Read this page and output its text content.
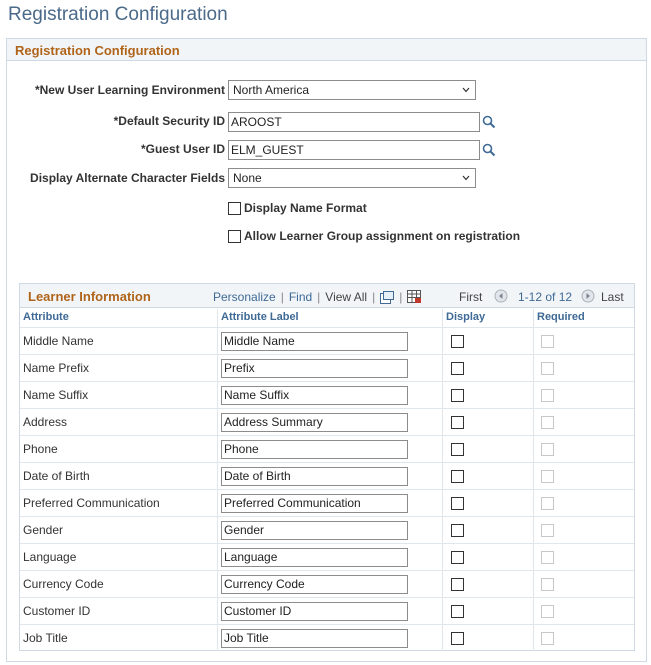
Registration Configuration
Registration Configuration
*New User Learning Environment North America
*Default Security ID AROOST
*Guest User ID ELM_GUEST
Display Alternate Character Fields None
Display Name Format
Allow Learner Group assignment on registration
Learner Information	Personalize | Find | View All | |	First	1-12 of 12 Last
Attribute	Attribute Label	Display	Required
Middle Name	Middle Name
Name Prefix	Prefix
Name Suffix	Name Suffix
Address	Address Summary
Phone	Phone
Date of Birth	Date of Birth
Preferred Communication	Preferred Communication
Gender	Gender
Language	Language
Currency Code	Currency Code
Customer ID	Customer ID
Job Title	Job Title
